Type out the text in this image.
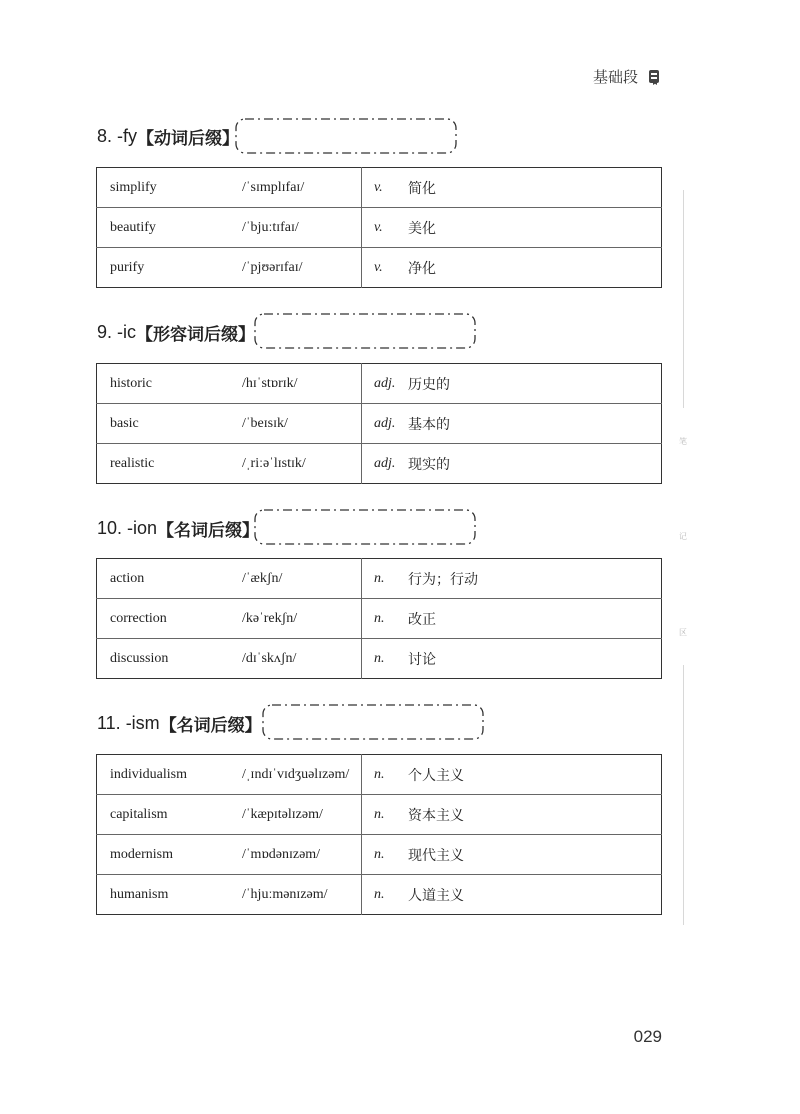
基础段
笔
记
区
8. -fy 【动词后缀】
simplify	/ˈsɪmplɪfaɪ/	v.	简化
beautify	/ˈbjuːtɪfaɪ/	v.	美化
purify	/ˈpjʊərɪfaɪ/	v.	净化
9. -ic 【形容词后缀】
historic	/hɪˈstɒrɪk/	adj.	历史的
basic	/ˈbeɪsɪk/	adj.	基本的
realistic	/ˌriːəˈlɪstɪk/	adj.	现实的
10. -ion 【名词后缀】
action	/ˈækʃn/	n.	行为；行动
correction	/kəˈrekʃn/	n.	改正
discussion	/dɪˈskʌʃn/	n.	讨论
11. -ism 【名词后缀】
individualism	/ˌɪndɪˈvɪdʒuəlɪzəm/	n.	个人主义
capitalism	/ˈkæpɪtəlɪzəm/	n.	资本主义
modernism	/ˈmɒdənɪzəm/	n.	现代主义
humanism	/ˈhjuːmənɪzəm/	n.	人道主义
029
